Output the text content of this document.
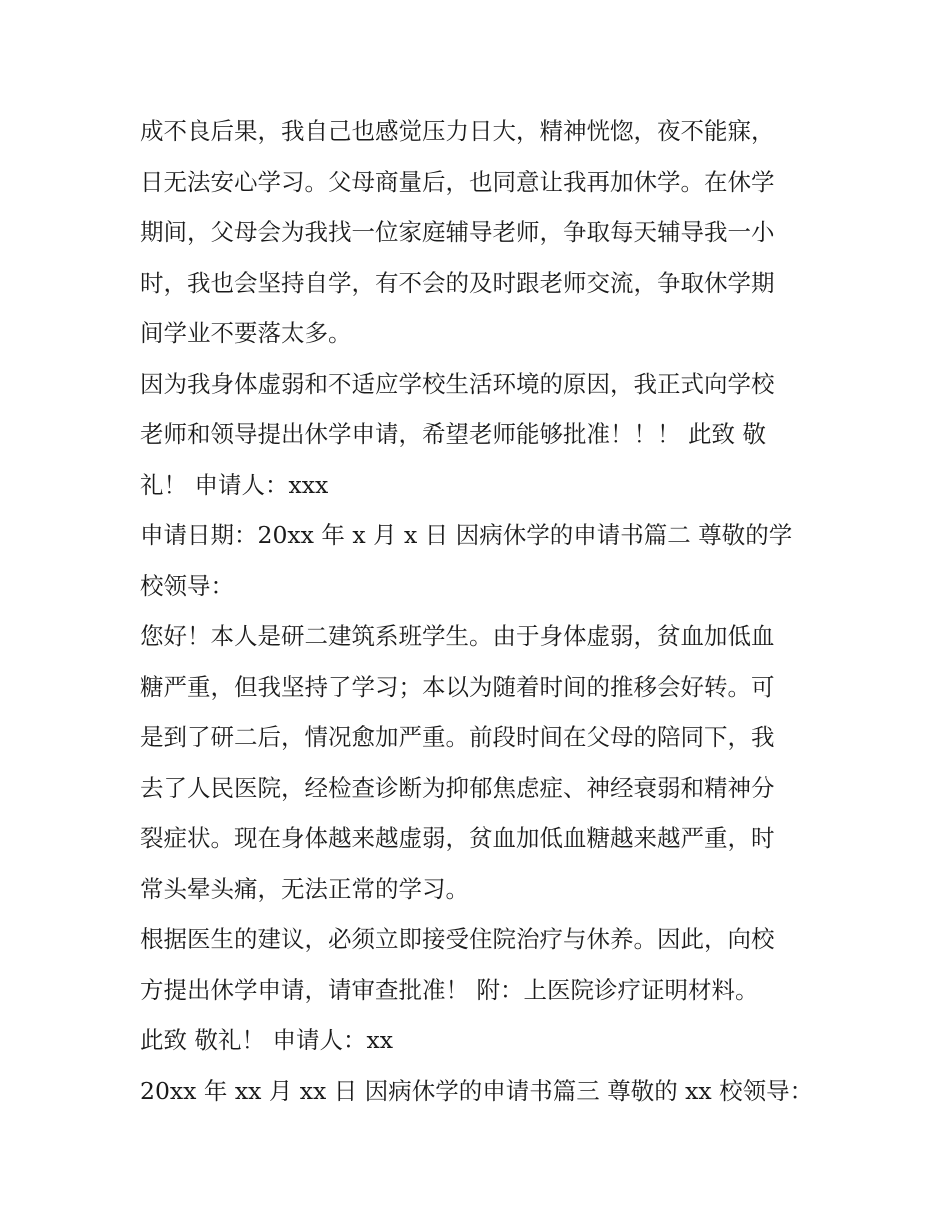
成不良后果，我自己也感觉压力日大，精神恍惚，夜不能寐，
日无法安心学习。父母商量后，也同意让我再加休学。在休学
期间，父母会为我找一位家庭辅导老师，争取每天辅导我一小
时，我也会坚持自学，有不会的及时跟老师交流，争取休学期
间学业不要落太多。
因为我身体虚弱和不适应学校生活环境的原因，我正式向学校
老师和领导提出休学申请，希望老师能够批准！！！ 此致 敬
礼！ 申请人：xxx
申请日期：20xx 年 x 月 x 日 因病休学的申请书篇二 尊敬的学
校领导：
您好！本人是研二建筑系班学生。由于身体虚弱，贫血加低血
糖严重，但我坚持了学习；本以为随着时间的推移会好转。可
是到了研二后，情况愈加严重。前段时间在父母的陪同下，我
去了人民医院，经检查诊断为抑郁焦虑症、神经衰弱和精神分
裂症状。现在身体越来越虚弱，贫血加低血糖越来越严重，时
常头晕头痛，无法正常的学习。
根据医生的建议，必须立即接受住院治疗与休养。因此，向校
方提出休学申请，请审查批准！ 附：上医院诊疗证明材料。
此致 敬礼！ 申请人：xx
20xx 年 xx 月 xx 日 因病休学的申请书篇三 尊敬的 xx 校领导：
